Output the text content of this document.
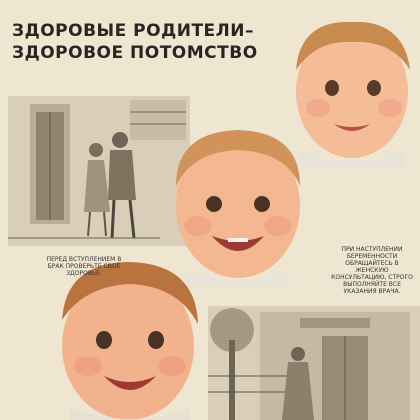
ЗДОРОВЫЕ РОДИТЕЛИ–
ЗДОРОВОЕ ПОТОМСТВО
ПЕРЕД ВСТУПЛЕНИЕМ В БРАК ПРОВЕРЬТЕ СВОЁ ЗДОРОВЬЕ.
ПРИ НАСТУПЛЕНИИ БЕРЕМЕННОСТИ ОБРАЩАЙТЕСЬ В ЖЕНСКУЮ КОНСУЛЬТАЦИЮ, СТРОГО ВЫПОЛНЯЙТЕ ВСЕ УКАЗАНИЯ ВРАЧА.
